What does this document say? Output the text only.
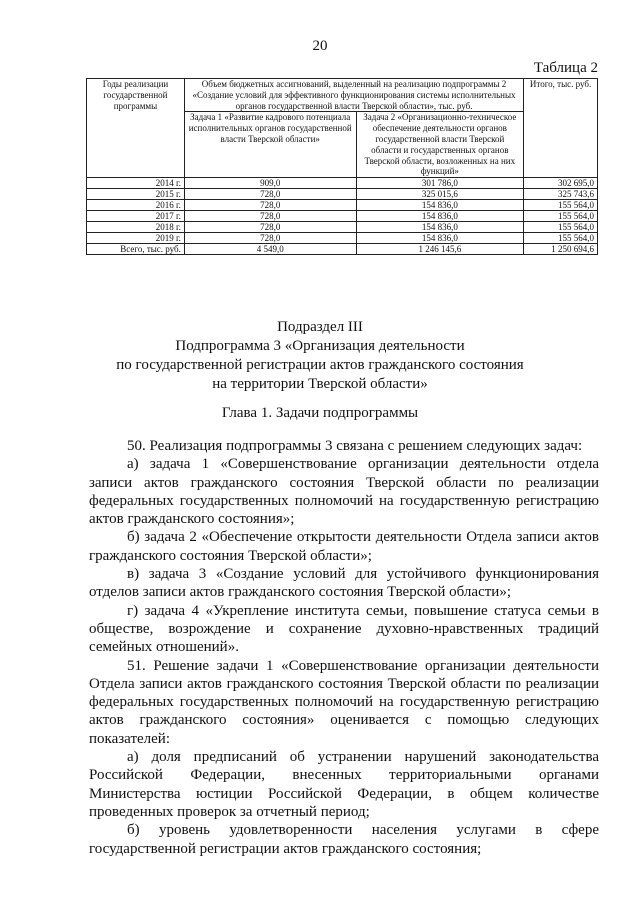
20
Таблица 2
Годы реализации государственной программы	Объем бюджетных ассигнований, выделенный на реализацию подпрограммы 2 «Создание условий для эффективного функционирования системы исполнительных органов государственной власти Тверской области», тыс. руб.		Итого, тыс. руб.
	Задача 1 «Развитие кадрового потенциала исполнительных органов государственной власти Тверской области»	Задача 2 «Организационно-техническое обеспечение деятельности органов государственной власти Тверской области и государственных органов Тверской области, возложенных на них функций»	
2014 г.	909,0	301 786,0	302 695,0
2015 г.	728,0	325 015,6	325 743,6
2016 г.	728,0	154 836,0	155 564,0
2017 г.	728,0	154 836,0	155 564,0
2018 г.	728,0	154 836,0	155 564,0
2019 г.	728,0	154 836,0	155 564,0
Всего, тыс. руб.	4 549,0	1 246 145,6	1 250 694,6
Подраздел III
Подпрограмма 3 «Организация деятельности
по государственной регистрации актов гражданского состояния
на территории Тверской области»
Глава 1. Задачи подпрограммы

50. Реализация подпрограммы 3 связана с решением следующих задач:

а) задача 1 «Совершенствование организации деятельности отдела записи актов гражданского состояния Тверской области по реализации федеральных государственных полномочий на государственную регистрацию актов гражданского состояния»;

б) задача 2 «Обеспечение открытости деятельности Отдела записи актов гражданского состояния Тверской области»;

в) задача 3 «Создание условий для устойчивого функционирования отделов записи актов гражданского состояния Тверской области»;

г) задача 4 «Укрепление института семьи, повышение статуса семьи в обществе, возрождение и сохранение духовно-нравственных традиций семейных отношений».

51. Решение задачи 1 «Совершенствование организации деятельности Отдела записи актов гражданского состояния Тверской области по реализации федеральных государственных полномочий на государственную регистрацию актов гражданского состояния» оценивается с помощью следующих показателей:

а) доля предписаний об устранении нарушений законодательства Российской Федерации, внесенных территориальными органами Министерства юстиции Российской Федерации, в общем количестве проведенных проверок за отчетный период;

б) уровень удовлетворенности населения услугами в сфере государственной регистрации актов гражданского состояния;
